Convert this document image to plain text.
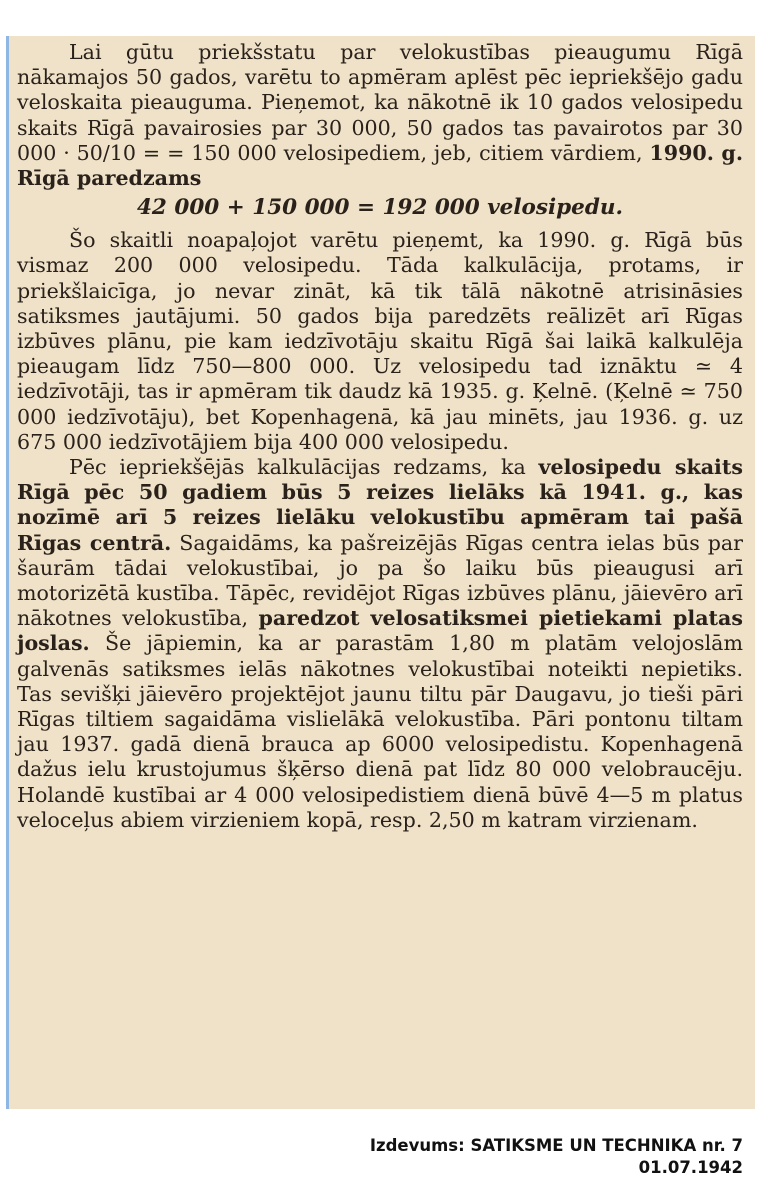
Lai gūtu priekšstatu par velokustības pieaugumu Rīgā nākamajos 50 gados, varētu to apmēram aplēst pēc iepriekšējo gadu veloskaita pieauguma. Pieņemot, ka nākotnē ik 10 gados velosipedu skaits Rīgā pavairosies par 30 000, 50 gados tas pavairotos par 30 000 · 50/10 = = 150 000 velosipediem, jeb, citiem vārdiem, 1990. g. Rīgā paredzams

42 000 + 150 000 = 192 000 velosipedu.

Šo skaitli noapaļojot varētu pieņemt, ka 1990. g. Rīgā būs vismaz 200 000 velosipedu. Tāda kalkulācija, protams, ir priekšlaicīga, jo nevar zināt, kā tik tālā nākotnē atrisināsies satiksmes jautājumi. 50 gados bija paredzēts reālizēt arī Rīgas izbūves plānu, pie kam iedzīvotāju skaitu Rīgā šai laikā kalkulēja pieaugam līdz 750—800 000. Uz velosipedu tad iznāktu ≃ 4 iedzīvotāji, tas ir apmēram tik daudz kā 1935. g. Ķelnē. (Ķelnē ≃ 750 000 iedzīvotāju), bet Kopenhagenā, kā jau minēts, jau 1936. g. uz 675 000 iedzīvotājiem bija 400 000 velosipedu.

Pēc iepriekšējās kalkulācijas redzams, ka velosipedu skaits Rīgā pēc 50 gadiem būs 5 reizes lielāks kā 1941. g., kas nozīmē arī 5 reizes lielāku velokustību apmēram tai pašā Rīgas centrā. Sagaidāms, ka pašreizējās Rīgas centra ielas būs par šaurām tādai velokustībai, jo pa šo laiku būs pieaugusi arī motorizētā kustība. Tāpēc, revidējot Rīgas izbūves plānu, jāievēro arī nākotnes velokustība, paredzot velosatiksmei pietiekami platas joslas. Še jāpiemin, ka ar parastām 1,80 m platām velojoslām galvenās satiksmes ielās nākotnes velokustībai noteikti nepietiks. Tas sevišķi jāievēro projektējot jaunu tiltu pār Daugavu, jo tieši pāri Rīgas tiltiem sagaidāma vislielākā velokustība. Pāri pontonu tiltam jau 1937. gadā dienā brauca ap 6000 velosipedistu. Kopenhagenā dažus ielu krustojumus šķērso dienā pat līdz 80 000 velobraucēju. Holandē kustībai ar 4 000 velosipedistiem dienā būvē 4—5 m platus veloceļus abiem virzieniem kopā, resp. 2,50 m katram virzienam.

Izdevums: SATIKSME UN TECHNIKA nr. 7
01.07.1942
